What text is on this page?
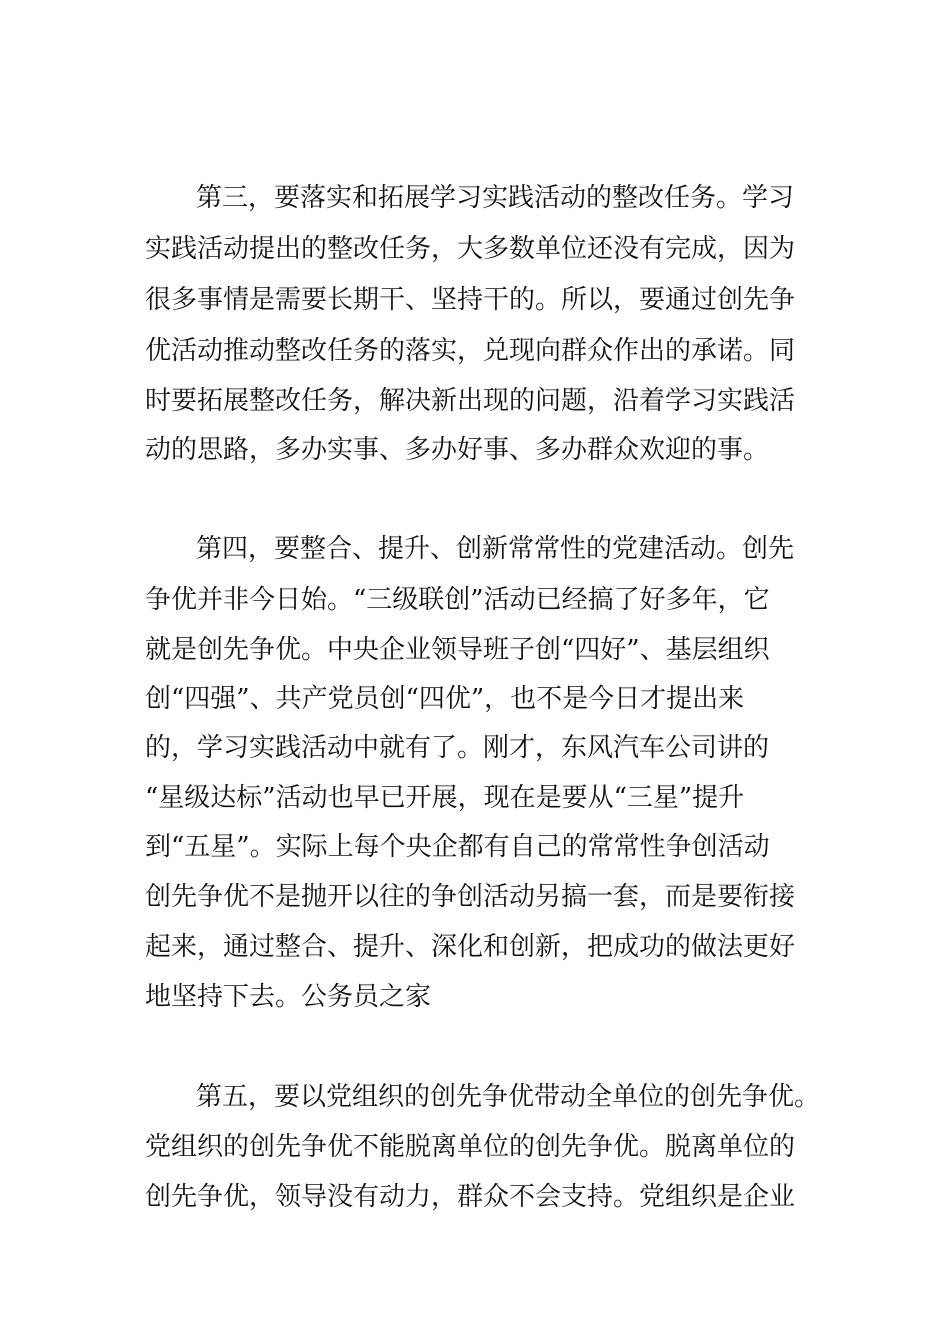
第三，要落实和拓展学习实践活动的整改任务。学习

实践活动提出的整改任务，大多数单位还没有完成，因为

很多事情是需要长期干、坚持干的。所以，要通过创先争

优活动推动整改任务的落实，兑现向群众作出的承诺。同

时要拓展整改任务，解决新出现的问题，沿着学习实践活

动的思路，多办实事、多办好事、多办群众欢迎的事。

第四，要整合、提升、创新常常性的党建活动。创先

争优并非今日始。“三级联创”活动已经搞了好多年，它

就是创先争优。中央企业领导班子创“四好”、基层组织

创“四强”、共产党员创“四优”，也不是今日才提出来

的，学习实践活动中就有了。刚才，东风汽车公司讲的

“星级达标”活动也早已开展，现在是要从“三星”提升

到“五星”。实际上每个央企都有自己的常常性争创活动

创先争优不是抛开以往的争创活动另搞一套，而是要衔接

起来，通过整合、提升、深化和创新，把成功的做法更好

地坚持下去。公务员之家

第五，要以党组织的创先争优带动全单位的创先争优。

党组织的创先争优不能脱离单位的创先争优。脱离单位的

创先争优，领导没有动力，群众不会支持。党组织是企业
